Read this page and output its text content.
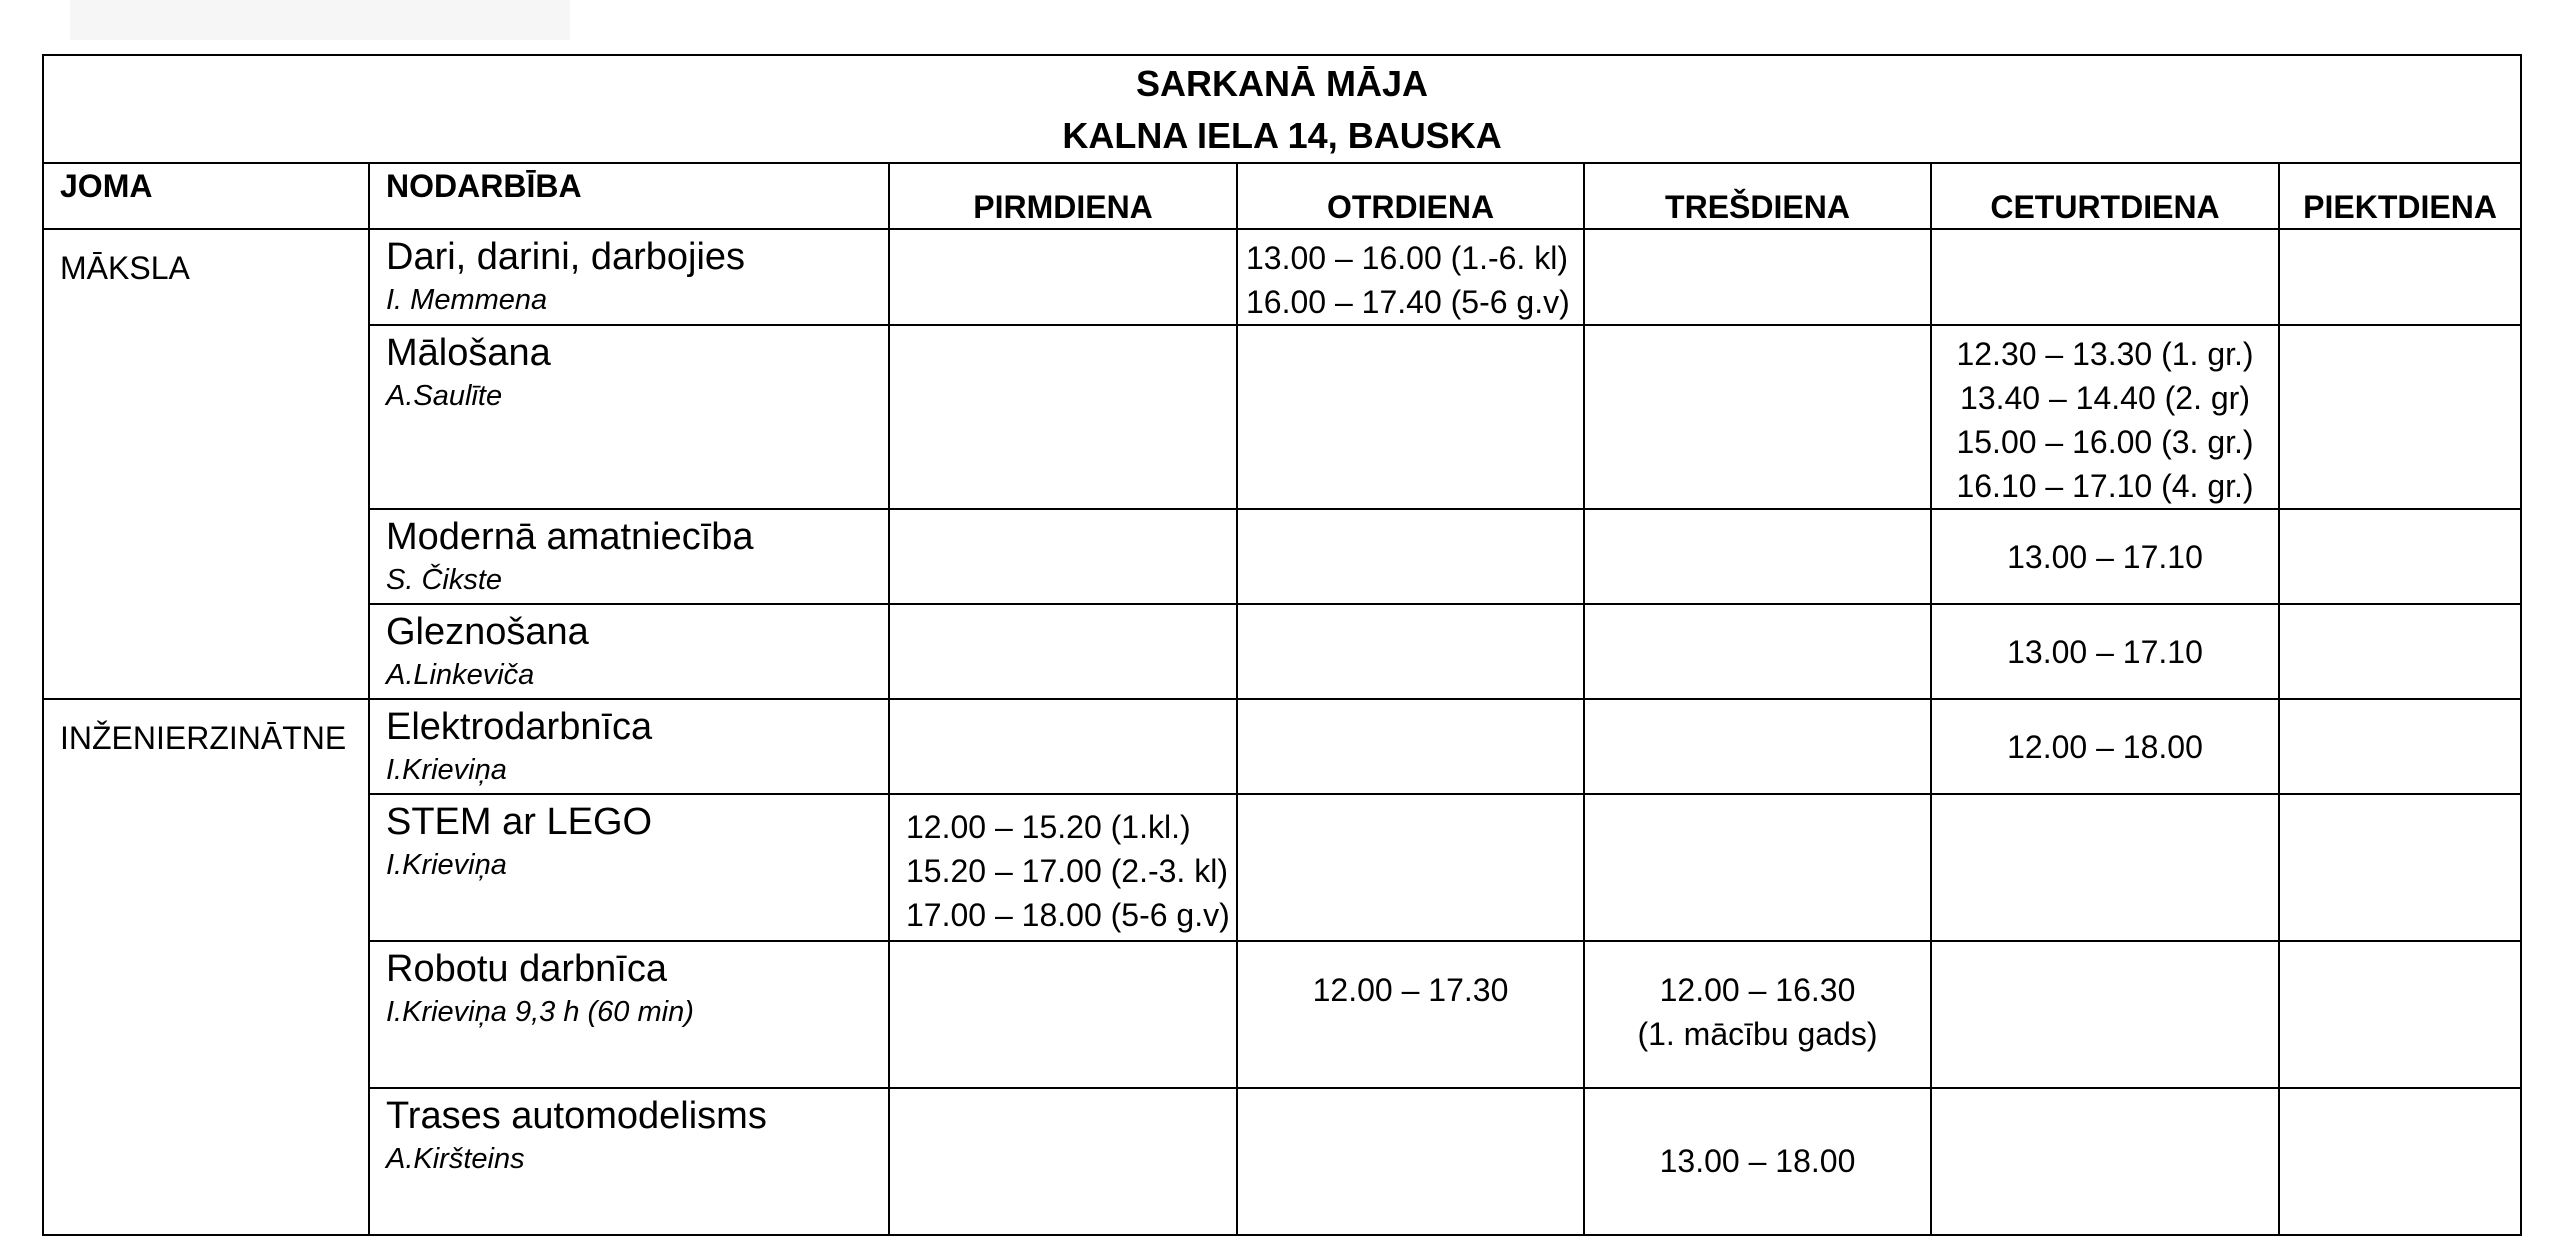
SARKANĀ MĀJA
KALNA IELA 14, BAUSKA						

JOMA	NODARBĪBA	PIRMDIENA	OTRDIENA	TREŠDIENA	CETURTDIENA	PIEKTDIENA
MĀKSLA	Dari, darini, darbojies
I. Memmena		13.00 – 16.00 (1.-6. kl)
16.00 – 17.40 (5-6 g.v)			

	Mālošana
A.Saulīte				12.30 – 13.30 (1. gr.)
13.40 – 14.40 (2. gr)
15.00 – 16.00 (3. gr.)
16.10 – 17.10 (4. gr.)	

	Modernā amatniecība
S. Čikste				13.00 – 17.10	

	Gleznošana
A.Linkeviča				13.00 – 17.10	

INŽENIERZINĀTNE	Elektrodarbnīca
I.Krieviņa				12.00 – 18.00	

	STEM ar LEGO
I.Krieviņa	12.00 – 15.20 (1.kl.)
15.20 – 17.00 (2.-3. kl)
17.00 – 18.00 (5-6 g.v)				

	Robotu darbnīca
I.Krieviņa 9,3 h (60 min)		12.00 – 17.30	12.00 – 16.30
(1. mācību gads)		

	Trases automodelisms
A.Kiršteins			13.00 – 18.00		
